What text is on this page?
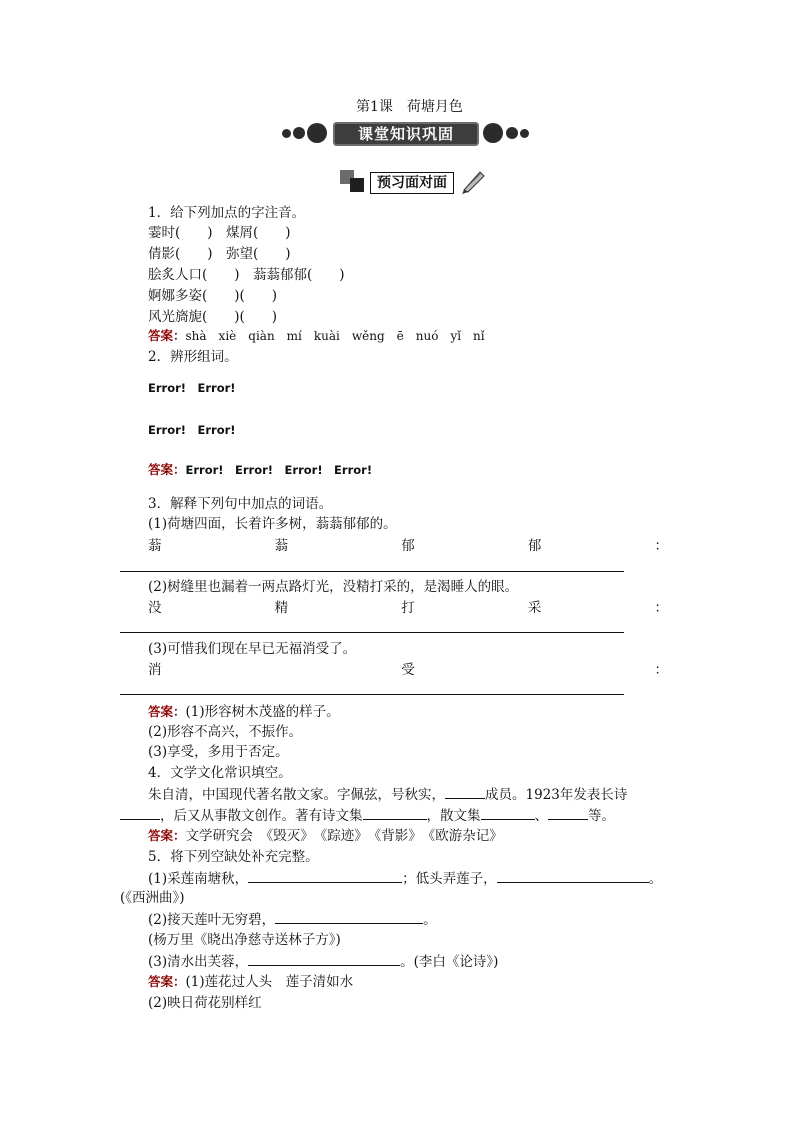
第1课　荷塘月色
课堂知识巩固
预习面对面
1．给下列加点的字注音。
霎时(　　)　煤屑(　　)
倩影(　　)　弥望(　　)
脍炙人口(　　)　蓊蓊郁郁(　　)
婀娜多姿(　　)(　　)
风光旖旎(　　)(　　)
答案：shà　xiè　qiàn　mí　kuài　wěng　ē　nuó　yǐ　nǐ
2．辨形组词。
Error!　Error!
Error!　Error!
答案：Error!　Error!　Error!　Error!
3．解释下列句中加点的词语。
(1)荷塘四面，长着许多树，蓊蓊郁郁的。
蓊	蓊	郁	郁	：
(2)树缝里也漏着一两点路灯光，没精打采的，是渴睡人的眼。
没	精	打	采	：
(3)可惜我们现在早已无福消受了。
消	受	：
答案：(1)形容树木茂盛的样子。
(2)形容不高兴，不振作。
(3)享受，多用于否定。
4．文学文化常识填空。
朱自清，中国现代著名散文家。字佩弦，号秋实，	成员。1923年发表长诗
，后又从事散文创作。著有诗文集	，散文集	、	等。
答案：文学研究会　《毁灭》　《踪迹》　《背影》　《欧游杂记》
5．将下列空缺处补充完整。
(1)采莲南塘秋，	；低头弄莲子，	。
(《西洲曲》)
(2)接天莲叶无穷碧，	。
(杨万里《晓出净慈寺送林子方》)
(3)清水出芙蓉，	。(李白《论诗》)
答案：(1)莲花过人头　莲子清如水
(2)映日荷花别样红
